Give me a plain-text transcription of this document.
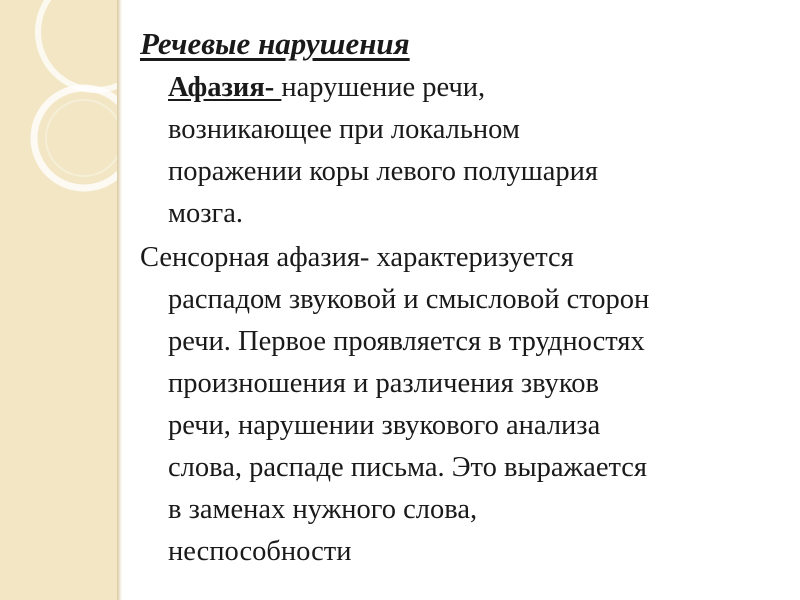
Речевые нарушения
Афазия- нарушение речи,
возникающее при локальном
поражении коры левого полушария
мозга.
Сенсорная афазия- характеризуется
распадом звуковой и смысловой сторон
речи. Первое проявляется в трудностях
произношения и различения звуков
речи, нарушении звукового анализа
слова, распаде письма. Это выражается
в заменах нужного слова,
неспособности
